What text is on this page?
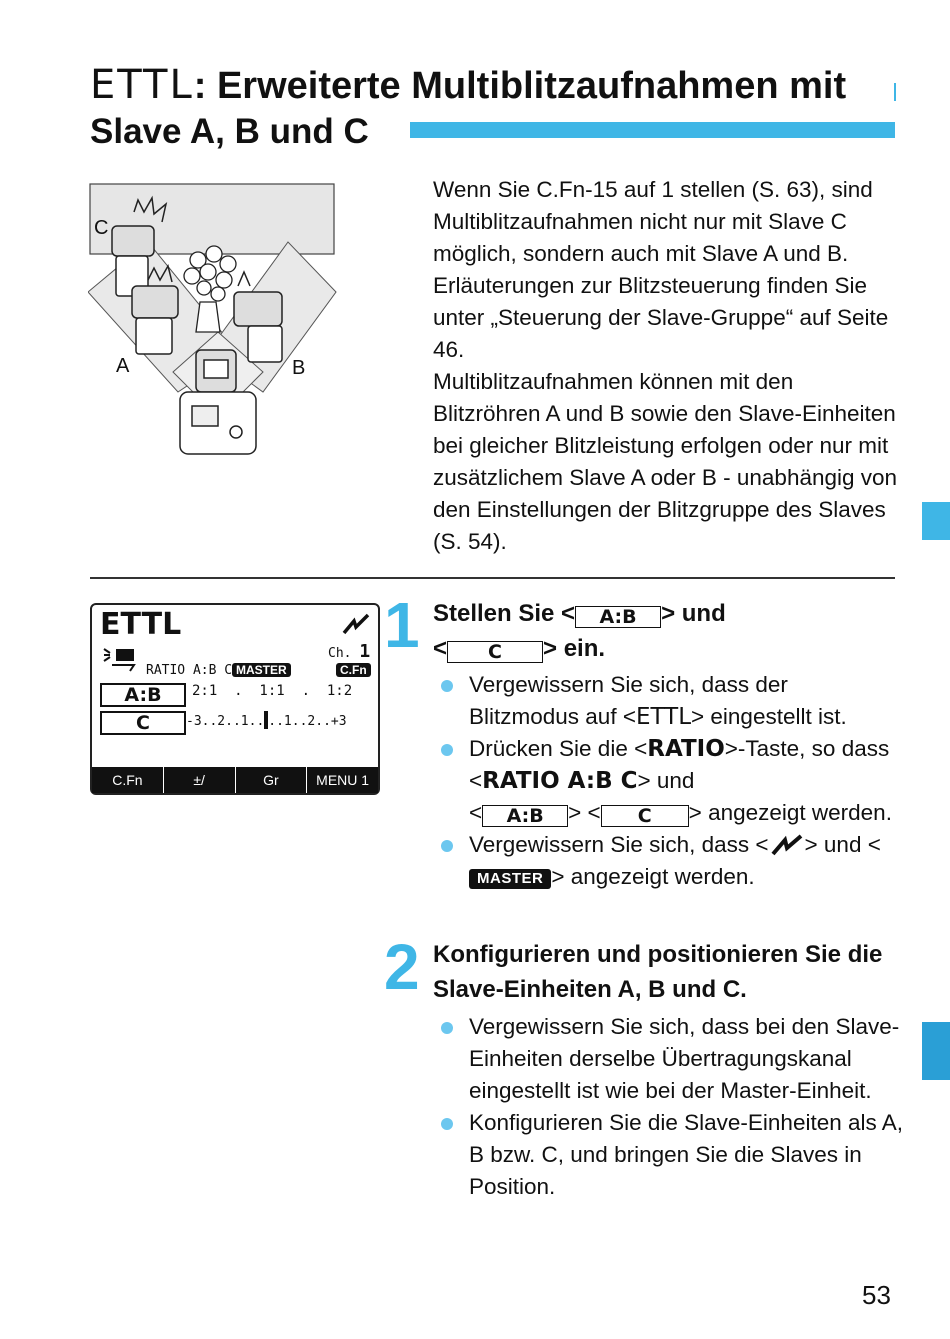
ETTL: Erweiterte Multiblitzaufnahmen mit
Slave A, B und C
C
A	B

Wenn Sie C.Fn-15 auf 1 stellen (S. 63), sind Multiblitzaufnahmen nicht nur mit Slave C möglich, sondern auch mit Slave A und B. Erläuterungen zur Blitzsteuerung finden Sie unter „Steuerung der Slave-Gruppe“ auf Seite 46.

Multiblitzaufnahmen können mit den Blitzröhren A und B sowie den Slave-Einheiten bei gleicher Blitzleistung erfolgen oder nur mit zusätzlichem Slave A oder B - unabhängig von den Einstellungen der Blitzgruppe des Slaves (S. 54).

ETTL
Ch. 1
RATIO A:B C MASTER	C.Fn
A:B	2:1  .  1:1  .  1:2
C	-3..2..1.. ..1..2..+3
C.Fn	±/	Gr	MENU 1
1 Stellen Sie < A:B > und
< C > ein.
Vergewissern Sie sich, dass der Blitzmodus auf <ETTL> eingestellt ist.
Drücken Sie die <RATIO>-Taste, so dass <RATIO A:B C> und
< A:B > < C > angezeigt werden.
Vergewissern Sie sich, dass < > und <MASTER > angezeigt werden.
2 Konfigurieren und positionieren Sie die Slave-Einheiten A, B und C.
Vergewissern Sie sich, dass bei den Slave-Einheiten derselbe Übertragungskanal eingestellt ist wie bei der Master-Einheit.
Konfigurieren Sie die Slave-Einheiten als A, B bzw. C, und bringen Sie die Slaves in Position.
53
